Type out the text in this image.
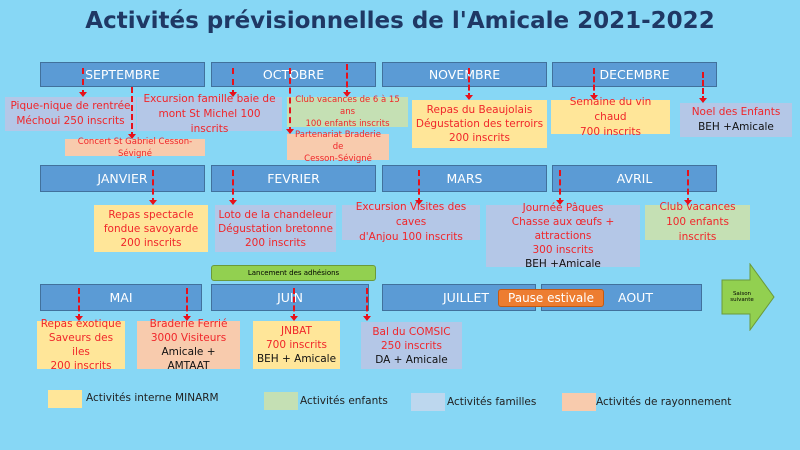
Activités prévisionnelles de l'Amicale 2021-2022
SEPTEMBRE	OCTOBRE	NOVEMBRE	DECEMBRE
JANVIER	FEVRIER	MARS	AVRIL
MAI	JUIN	JUILLET	AOUT
Pause estivale
Lancement des adhésions
Saison suivante
Pique-nique de rentrée
Méchoui 250 inscrits
Excursion famille baie de
mont St Michel 100 inscrits
Concert St Gabriel Cesson-Sévigné
Club vacances de 6 à 15 ans
100 enfants inscrits
Partenariat Braderie de
Cesson-Sévigné
Repas du Beaujolais
Dégustation des terroirs
200 inscrits
Semaine du vin chaud
700 inscrits
Noel des Enfants
BEH +Amicale
Repas spectacle
fondue savoyarde
200 inscrits
Loto de la chandeleur
Dégustation bretonne
200 inscrits
Excursion Visites des caves
d'Anjou 100 inscrits
Journée Pâques
Chasse aux œufs + attractions
300 inscrits
BEH +Amicale
Club vacances
100 enfants inscrits
Repas exotique
Saveurs des iles
200 inscrits
Braderie Ferrié
3000 Visiteurs
Amicale + AMTAAT
JNBAT
700 inscrits
BEH + Amicale
Bal du COMSIC
250 inscrits
DA + Amicale
Activités interne MINARM	Activités enfants	Activités familles	Activités de rayonnement
